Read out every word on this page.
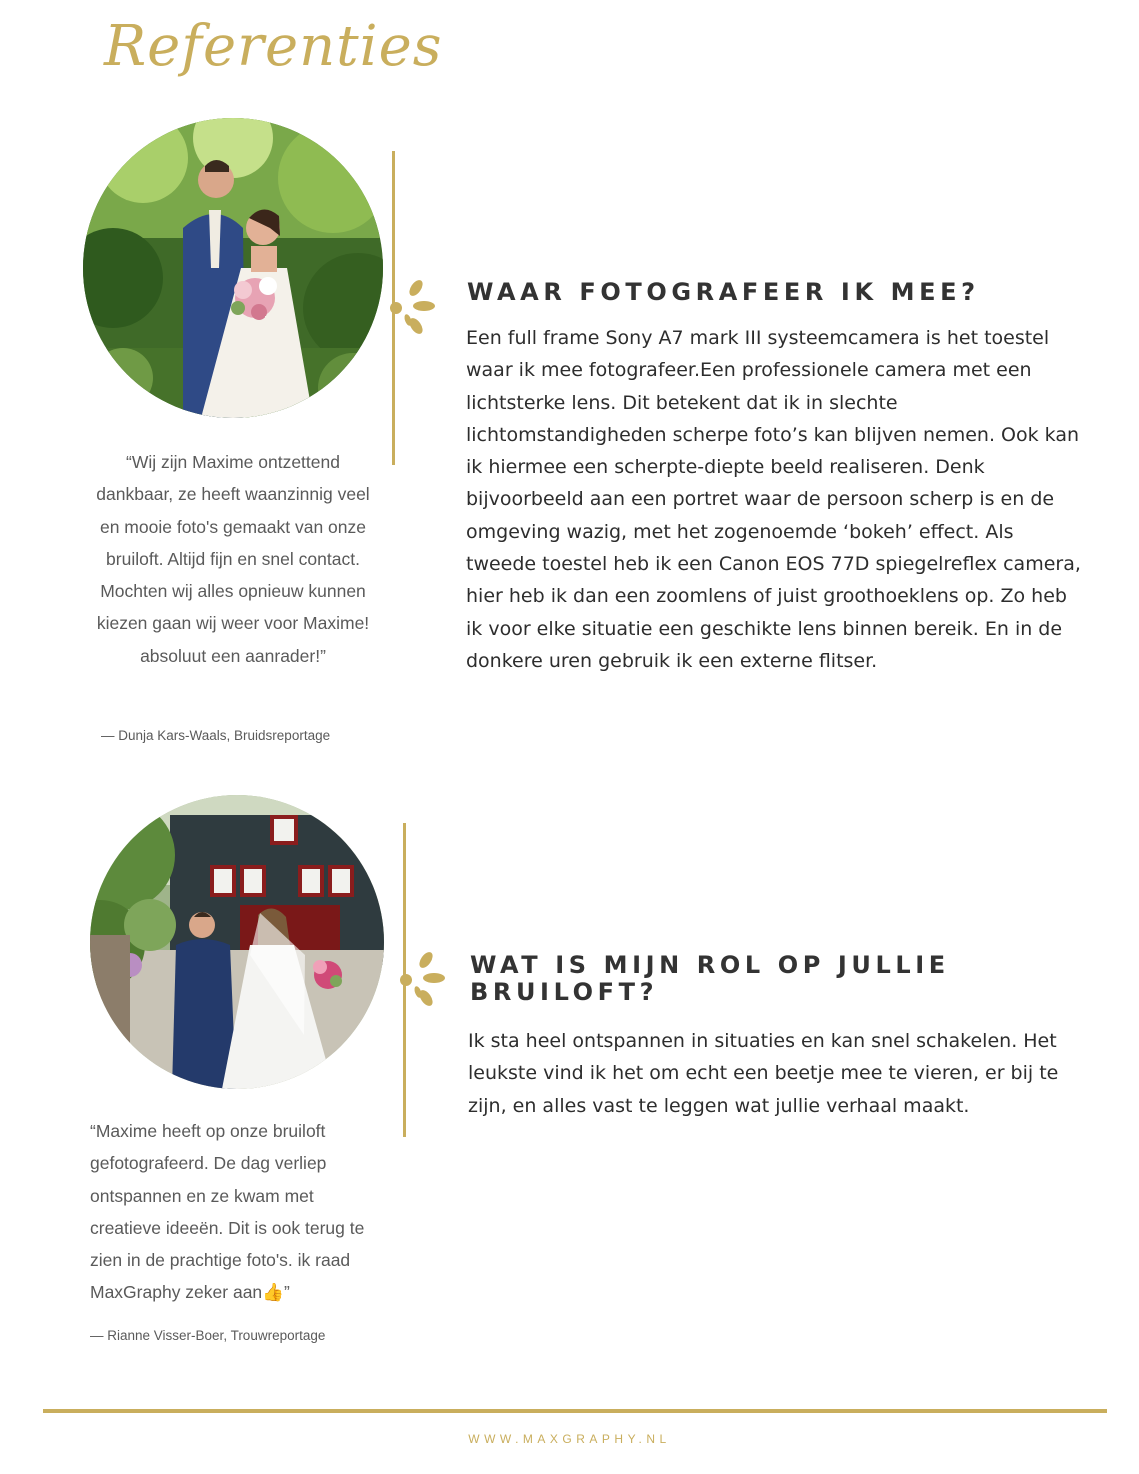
Referenties
WAAR FOTOGRAFEER IK MEE?

Een full frame Sony A7 mark III systeemcamera is het toestel waar ik mee fotografeer.Een professionele camera met een lichtsterke lens. Dit betekent dat ik in slechte lichtomstandigheden scherpe foto’s kan blijven nemen. Ook kan ik hiermee een scherpte-diepte beeld realiseren. Denk bijvoorbeeld aan een portret waar de persoon scherp is en de omgeving wazig, met het zogenoemde ‘bokeh’ effect. Als tweede toestel heb ik een Canon EOS 77D spiegelreflex camera, hier heb ik dan een zoomlens of juist groothoeklens op. Zo heb ik voor elke situatie een geschikte lens binnen bereik. En in de donkere uren gebruik ik een externe flitser.

“Wij zijn Maxime ontzettend dankbaar, ze heeft waanzinnig veel en mooie foto's gemaakt van onze bruiloft. Altijd fijn en snel contact. Mochten wij alles opnieuw kunnen kiezen gaan wij weer voor Maxime! absoluut een aanrader!”

— Dunja Kars-Waals, Bruidsreportage

WAT IS MIJN ROL OP JULLIE BRUILOFT?

Ik sta heel ontspannen in situaties en kan snel schakelen. Het leukste vind ik het om echt een beetje mee te vieren, er bij te zijn, en alles vast te leggen wat jullie verhaal maakt.

“Maxime heeft op onze bruiloft gefotografeerd. De dag verliep ontspannen en ze kwam met creatieve ideeën. Dit is ook terug te zien in de prachtige foto's. ik raad MaxGraphy zeker aan👍”

— Rianne Visser-Boer, Trouwreportage

WWW.MAXGRAPHY.NL
